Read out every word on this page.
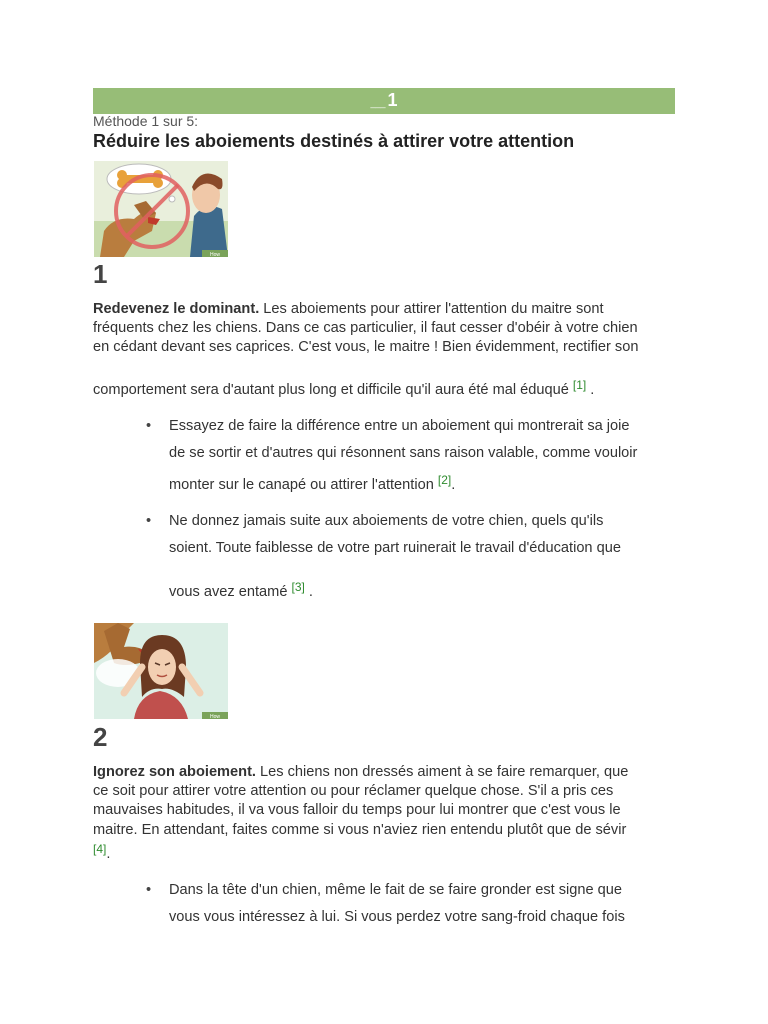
___ 1
Méthode 1 sur 5:
Réduire les aboiements destinés à attirer votre attention
How
1

Redevenez le dominant. Les aboiements pour attirer l'attention du maitre sont
fréquents chez les chiens. Dans ce cas particulier, il faut cesser d'obéir à votre chien
en cédant devant ses caprices. C'est vous, le maitre ! Bien évidemment, rectifier son

comportement sera d'autant plus long et difficile qu'il aura été mal éduqué [1] .

• Essayez de faire la différence entre un aboiement qui montrerait sa joie
de se sortir et d'autres qui résonnent sans raison valable, comme vouloir
monter sur le canapé ou attirer l'attention [2].
• Ne donnez jamais suite aux aboiements de votre chien, quels qu'ils
soient. Toute faiblesse de votre part ruinerait le travail d'éducation que
vous avez entamé [3] .
How
2

Ignorez son aboiement. Les chiens non dressés aiment à se faire remarquer, que
ce soit pour attirer votre attention ou pour réclamer quelque chose. S'il a pris ces
mauvaises habitudes, il va vous falloir du temps pour lui montrer que c'est vous le
maitre. En attendant, faites comme si vous n'aviez rien entendu plutôt que de sévir
[4].

• Dans la tête d'un chien, même le fait de se faire gronder est signe que
vous vous intéressez à lui. Si vous perdez votre sang-froid chaque fois
